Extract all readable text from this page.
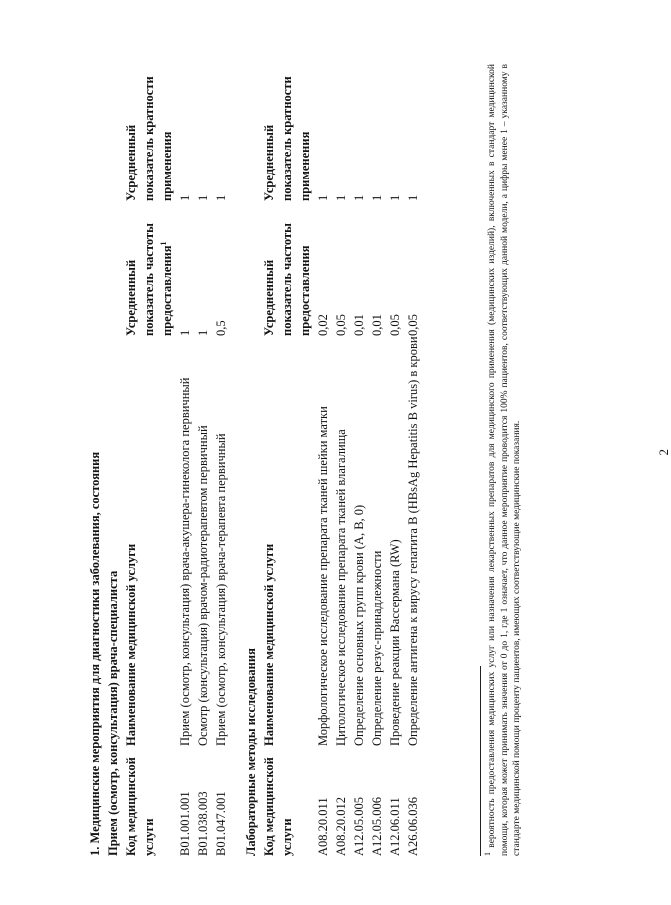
2
1. Медицинские мероприятия для диагностики заболевания, состояния Прием (осмотр, консультация) врача-специалиста			
Код медицинской услуги	Наименование медицинской услуги	Усредненный показатель частоты предоставления$^1$	Усредненный показатель кратности применения
B01.001.001	Прием (осмотр, консультация) врача-акушера-гинеколога первичный	1	1
B01.038.003	Осмотр (консультация) врачом-радиотерапевтом первичный	1	1
B01.047.001	Прием (осмотр, консультация) врача-терапевта первичный	0,5	1
Лабораторные методы исследования			
Код медицинской услуги	Наименование медицинской услуги	Усредненный показатель частоты предоставления	Усредненный показатель кратности применения
A08.20.011	Морфологическое исследование препарата тканей шейки матки	0,02	1
A08.20.012	Цитологическое исследование препарата тканей влагалища	0,05	1
A12.05.005	Определение основных групп крови (A, B, 0)	0,01	1
A12.05.006	Определение резус-принадлежности	0,01	1
A12.06.011	Проведение реакции Вассермана (RW)	0,05	1
A26.06.036	Определение антигена к вирусу гепатита B (HBsAg Hepatitis B virus) в крови	0,05	1
$^1$ вероятность предоставления медицинских услуг или назначения лекарственных препаратов для медицинского применения (медицинских изделий), включенных в стандарт медицинской помощи, которая может принимать значения от 0 до 1, где 1 означает, что данное мероприятие проводится 100% пациентов, соответствующих данной модели, а цифры менее 1 – указанному в стандарте медицинской помощи проценту пациентов, имеющих соответствующие медицинские показания.
